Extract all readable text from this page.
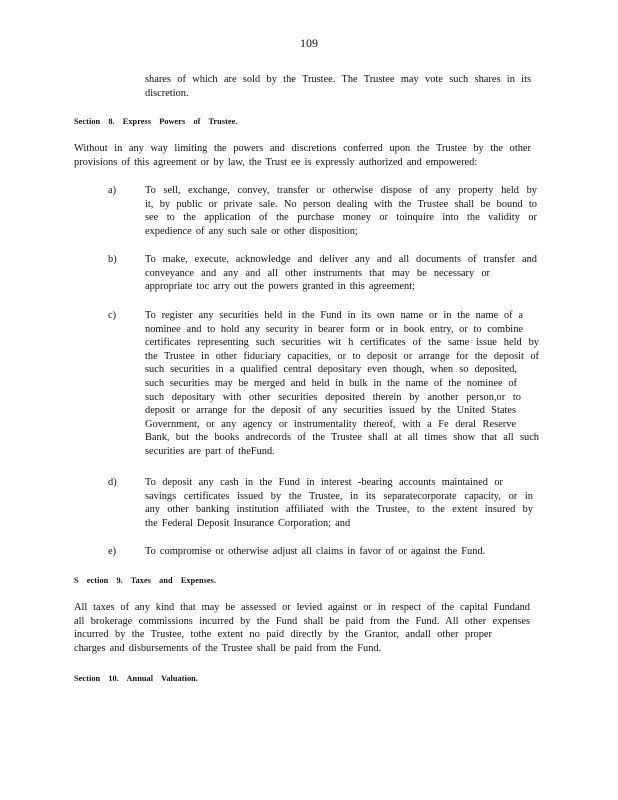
109
shares of which are sold by the Trustee. The Trustee may vote such shares in its
discretion.
Section 8. Express Powers of Trustee.
Without in any way limiting the powers and discretions conferred upon the Trustee by the other
provisions of this agreement or by law, the Trust ee is expressly authorized and empowered:
a)	To sell, exchange, convey, transfer or otherwise dispose of any property held by
it, by public or private sale. No person dealing with the Trustee shall be bound to
see to the application of the purchase money or toinquire into the validity or
expedience of any such sale or other disposition;
b)	To make, execute, acknowledge and deliver any and all documents of transfer and
conveyance and any and all other instruments that may be necessary or
appropriate toc arry out the powers granted in this agreement;
c)	To register any securities held in the Fund in its own name or in the name of a
nominee and to hold any security in bearer form or in book entry, or to combine
certificates representing such securities wit h certificates of the same issue held by
the Trustee in other fiduciary capacities, or to deposit or arrange for the deposit of
such securities in a qualified central depositary even though, when so deposited,
such securities may be merged and held in bulk in the name of the nominee of
such depositary with other securities deposited therein by another person,or to
deposit or arrange for the deposit of any securities issued by the United States
Government, or any agency or instrumentality thereof, with a Fe deral Reserve
Bank, but the books andrecords of the Trustee shall at all times show that all such
securities are part of theFund.
d)	To deposit any cash in the Fund in interest -bearing accounts maintained or
savings certificates issued by the Trustee, in its separatecorporate capacity, or in
any other banking institution affiliated with the Trustee, to the extent insured by
the Federal Deposit Insurance Corporation; and
e)	To compromise or otherwise adjust all claims in favor of or against the Fund.
S ection 9. Taxes and Expenses.
All taxes of any kind that may be assessed or levied against or in respect of the capital Fundand
all brokerage commissions incurred by the Fund shall be paid from the Fund. All other expenses
incurred by the Trustee, tothe extent no paid directly by the Grantor, andall other proper
charges and disbursements of the Trustee shall be paid from the Fund.
Section 10. Annual Valuation.
